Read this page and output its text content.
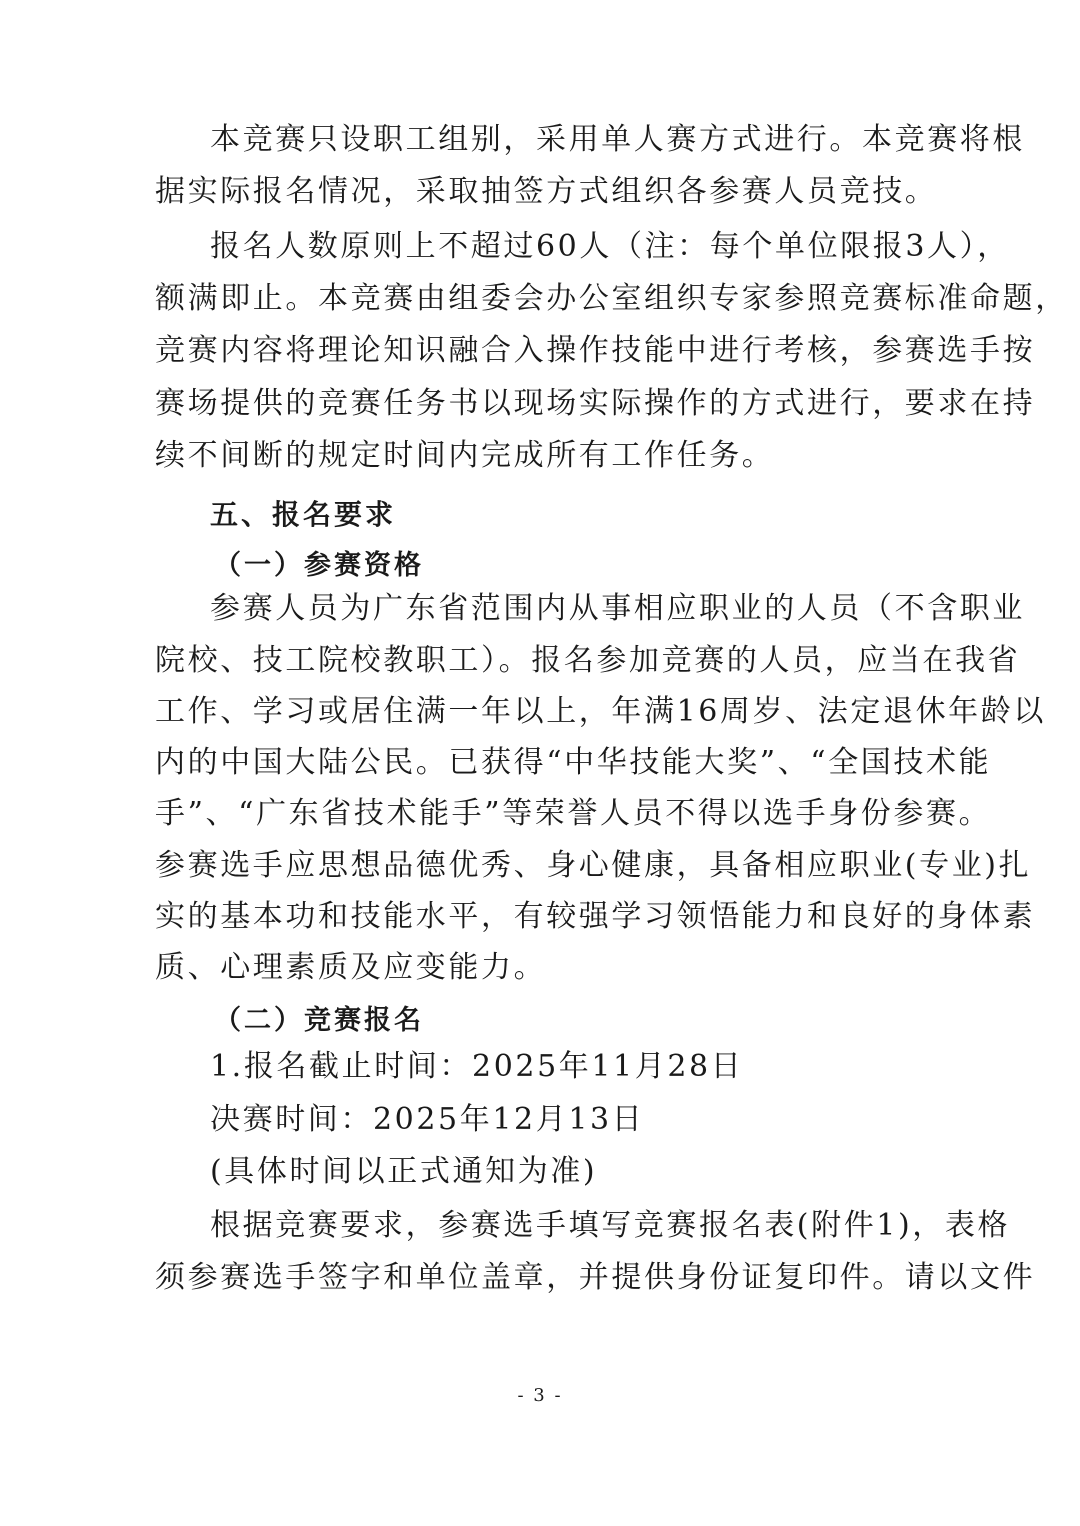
本竞赛只设职工组别，采用单人赛方式进行。本竞赛将根
据实际报名情况，采取抽签方式组织各参赛人员竞技。
报名人数原则上不超过60人（注：每个单位限报3人），
额满即止。本竞赛由组委会办公室组织专家参照竞赛标准命题，
竞赛内容将理论知识融合入操作技能中进行考核，参赛选手按
赛场提供的竞赛任务书以现场实际操作的方式进行，要求在持
续不间断的规定时间内完成所有工作任务。
五、报名要求
（一）参赛资格
参赛人员为广东省范围内从事相应职业的人员（不含职业
院校、技工院校教职工）。报名参加竞赛的人员，应当在我省
工作、学习或居住满一年以上，年满16周岁、法定退休年龄以
内的中国大陆公民。已获得“中华技能大奖”、“全国技术能
手”、“广东省技术能手”等荣誉人员不得以选手身份参赛。
参赛选手应思想品德优秀、身心健康，具备相应职业(专业)扎
实的基本功和技能水平，有较强学习领悟能力和良好的身体素
质、心理素质及应变能力。
（二）竞赛报名
1.报名截止时间：2025年11月28日
决赛时间：2025年12月13日
(具体时间以正式通知为准)
根据竞赛要求，参赛选手填写竞赛报名表(附件1)，表格
须参赛选手签字和单位盖章，并提供身份证复印件。请以文件
- 3 -
